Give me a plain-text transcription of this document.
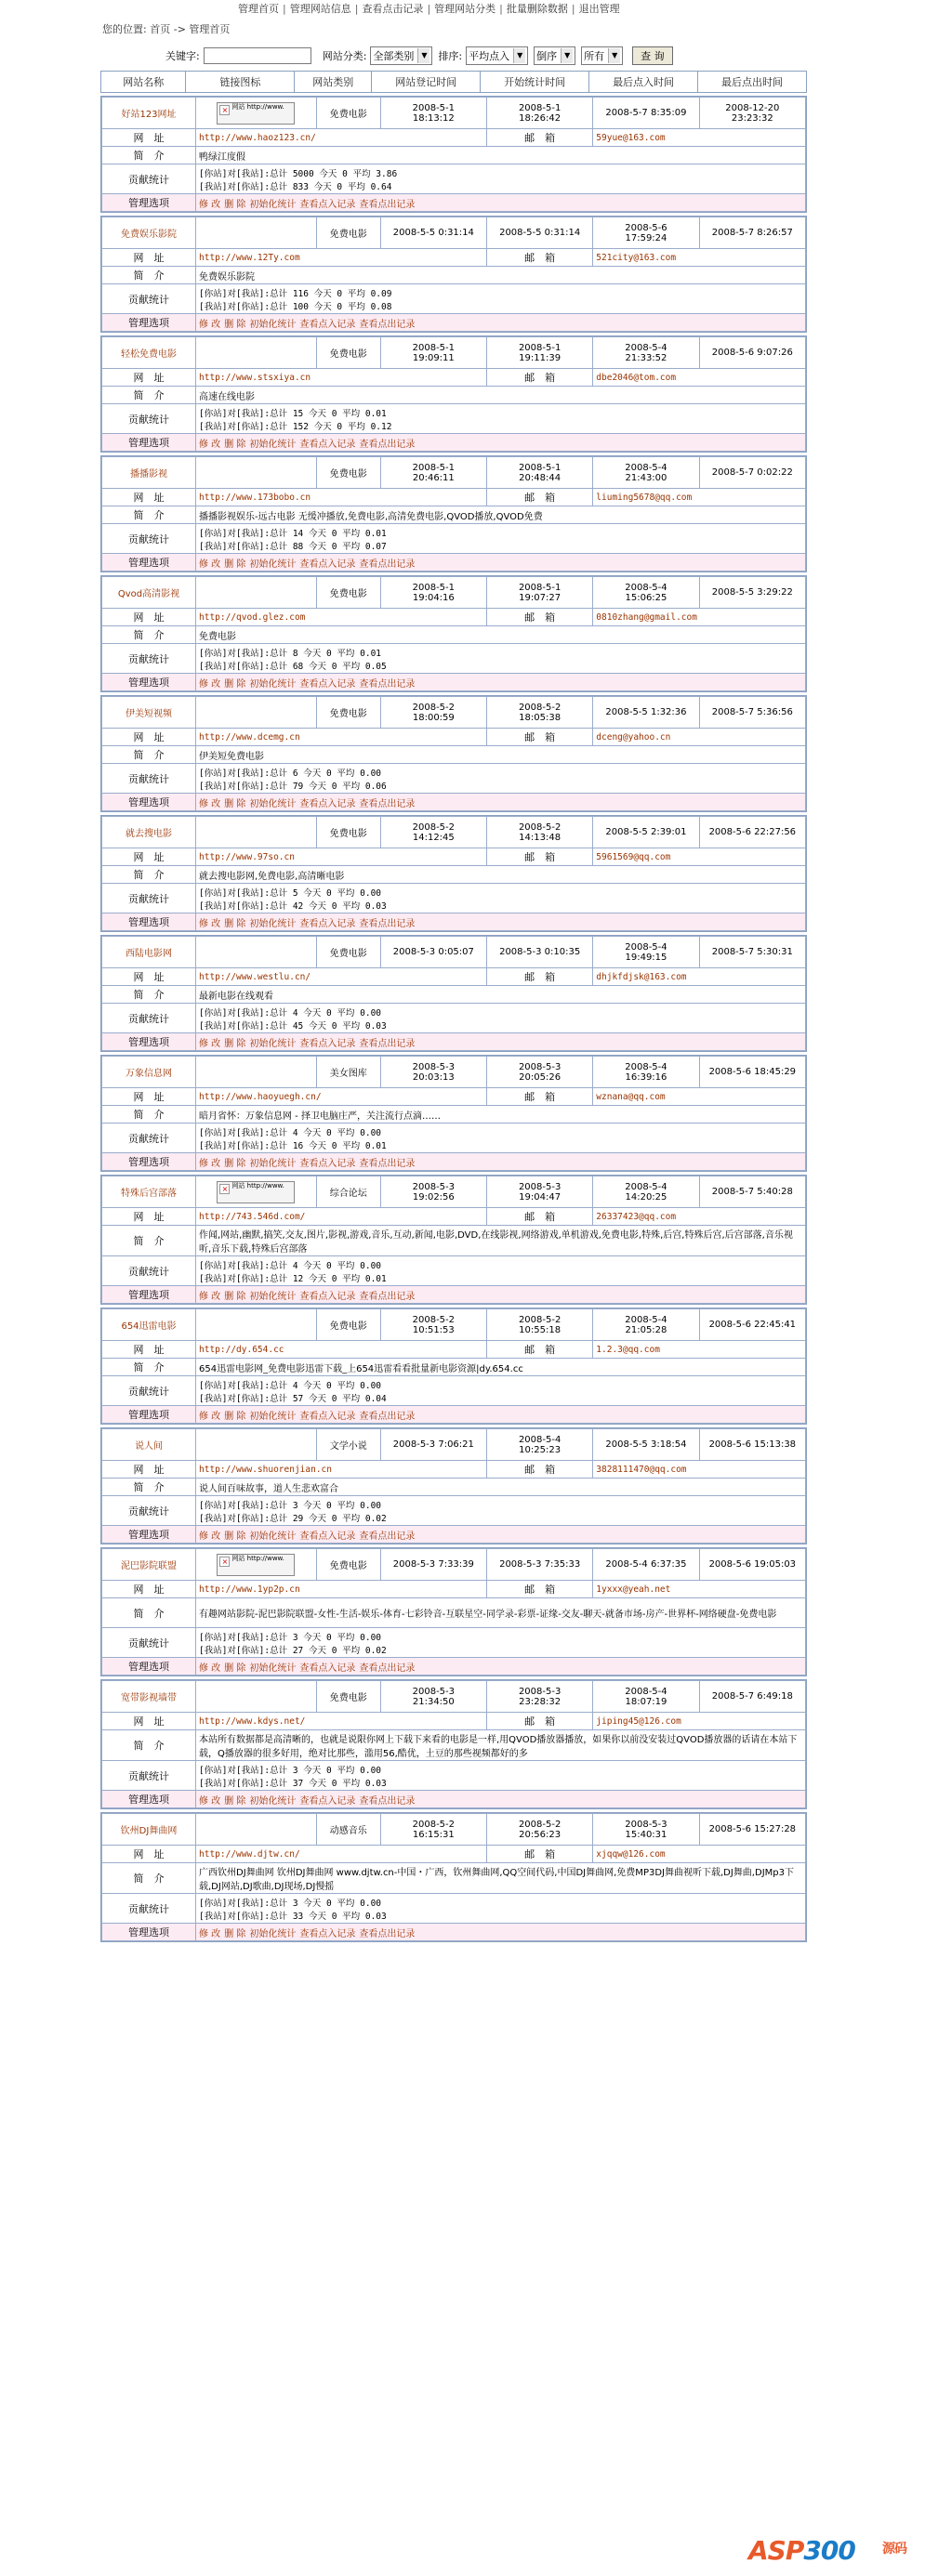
管理首页 | 管理网站信息 | 查看点击记录 | 管理网站分类 | 批量删除数据 | 退出管理
您的位置: 首页 -> 管理首页
关键字:	网站分类: 全部类别 ▼ 排序: 平均点入 ▼ 倒序 ▼ 所有 ▼	查 询
网站名称	链接图标	网站类别	网站登记时间	开始统计时间	最后点入时间	最后点出时间
好站123网址	× 网站 http://www.	免费电影	2008-5-1
18:13:12	2008-5-1
18:26:42	2008-5-7 8:35:09	2008-12-20
23:23:32
网　址	http://www.haoz123.cn/			邮　箱	59yue@163.com	
简　介	鸭绿江度假					
贡献统计	[你站]对[我站]:总计 5000 今天 0 平均 3.86
[我站]对[你站]:总计 833 今天 0 平均 0.64					

管理选项	修 改 删 除 初始化统计 查看点入记录 查看点出记录					
免费娱乐影院		免费电影	2008-5-5 0:31:14	2008-5-5 0:31:14	2008-5-6
17:59:24	2008-5-7 8:26:57
网　址	http://www.12Ty.com			邮　箱	521city@163.com	
简　介	免费娱乐影院					
贡献统计	[你站]对[我站]:总计 116 今天 0 平均 0.09
[我站]对[你站]:总计 100 今天 0 平均 0.08					

管理选项	修 改 删 除 初始化统计 查看点入记录 查看点出记录					
轻松免费电影		免费电影	2008-5-1
19:09:11	2008-5-1
19:11:39	2008-5-4
21:33:52	2008-5-6 9:07:26
网　址	http://www.stsxiya.cn			邮　箱	dbe2046@tom.com	
简　介	高速在线电影					
贡献统计	[你站]对[我站]:总计 15 今天 0 平均 0.01
[我站]对[你站]:总计 152 今天 0 平均 0.12					

管理选项	修 改 删 除 初始化统计 查看点入记录 查看点出记录					
播播影视		免费电影	2008-5-1
20:46:11	2008-5-1
20:48:44	2008-5-4
21:43:00	2008-5-7 0:02:22
网　址	http://www.173bobo.cn			邮　箱	liuming5678@qq.com	
简　介	播播影视娱乐-远古电影 无缓冲播放,免费电影,高清免费电影,QVOD播放,QVOD免费					
贡献统计	[你站]对[我站]:总计 14 今天 0 平均 0.01
[我站]对[你站]:总计 88 今天 0 平均 0.07					

管理选项	修 改 删 除 初始化统计 查看点入记录 查看点出记录					
Qvod高清影视		免费电影	2008-5-1
19:04:16	2008-5-1
19:07:27	2008-5-4
15:06:25	2008-5-5 3:29:22
网　址	http://qvod.glez.com			邮　箱	0810zhang@gmail.com	
简　介	免费电影					
贡献统计	[你站]对[我站]:总计 8 今天 0 平均 0.01
[我站]对[你站]:总计 68 今天 0 平均 0.05					

管理选项	修 改 删 除 初始化统计 查看点入记录 查看点出记录					
伊美短视频		免费电影	2008-5-2
18:00:59	2008-5-2
18:05:38	2008-5-5 1:32:36	2008-5-7 5:36:56
网　址	http://www.dcemg.cn			邮　箱	dceng@yahoo.cn	
简　介	伊美短免费电影					
贡献统计	[你站]对[我站]:总计 6 今天 0 平均 0.00
[我站]对[你站]:总计 79 今天 0 平均 0.06					

管理选项	修 改 删 除 初始化统计 查看点入记录 查看点出记录					
就去搜电影		免费电影	2008-5-2
14:12:45	2008-5-2
14:13:48	2008-5-5 2:39:01	2008-5-6 22:27:56
网　址	http://www.97so.cn			邮　箱	5961569@qq.com	
简　介	就去搜电影网,免费电影,高清晰电影					
贡献统计	[你站]对[我站]:总计 5 今天 0 平均 0.00
[我站]对[你站]:总计 42 今天 0 平均 0.03					

管理选项	修 改 删 除 初始化统计 查看点入记录 查看点出记录					
西陆电影网		免费电影	2008-5-3 0:05:07	2008-5-3 0:10:35	2008-5-4
19:49:15	2008-5-7 5:30:31
网　址	http://www.westlu.cn/			邮　箱	dhjkfdjsk@163.com	
简　介	最新电影在线观看					
贡献统计	[你站]对[我站]:总计 4 今天 0 平均 0.00
[我站]对[你站]:总计 45 今天 0 平均 0.03					

管理选项	修 改 删 除 初始化统计 查看点入记录 查看点出记录					
万象信息网		美女图库	2008-5-3
20:03:13	2008-5-3
20:05:26	2008-5-4
16:39:16	2008-5-6 18:45:29
网　址	http://www.haoyuegh.cn/			邮　箱	wznana@qq.com	
简　介	暗月省怀：万象信息网 - 择卫电脑庄严，关注流行点滴……					
贡献统计	[你站]对[我站]:总计 4 今天 0 平均 0.00
[我站]对[你站]:总计 16 今天 0 平均 0.01					

管理选项	修 改 删 除 初始化统计 查看点入记录 查看点出记录					
特殊后宫部落	× 网站 http://www.	综合论坛	2008-5-3
19:02:56	2008-5-3
19:04:47	2008-5-4
14:20:25	2008-5-7 5:40:28
网　址	http://743.546d.com/			邮　箱	26337423@qq.com	
简　介	作闻,网站,幽默,搞笑,交友,图片,影视,游戏,音乐,互动,新闻,电影,DVD,在线影视,网络游戏,单机游戏,免费电影,特殊,后宫,特殊后宫,后宫部落,音乐视听,音乐下载,特殊后宫部落					
贡献统计	[你站]对[我站]:总计 4 今天 0 平均 0.00
[我站]对[你站]:总计 12 今天 0 平均 0.01					

管理选项	修 改 删 除 初始化统计 查看点入记录 查看点出记录					
654迅雷电影		免费电影	2008-5-2
10:51:53	2008-5-2
10:55:18	2008-5-4
21:05:28	2008-5-6 22:45:41
网　址	http://dy.654.cc			邮　箱	1.2.3@qq.com	
简　介	654迅雷电影网_免费电影迅雷下载_上654迅雷看看批量新电影资源|dy.654.cc					
贡献统计	[你站]对[我站]:总计 4 今天 0 平均 0.00
[我站]对[你站]:总计 57 今天 0 平均 0.04					

管理选项	修 改 删 除 初始化统计 查看点入记录 查看点出记录					
说人间		文学小说	2008-5-3 7:06:21	2008-5-4
10:25:23	2008-5-5 3:18:54	2008-5-6 15:13:38
网　址	http://www.shuorenjian.cn			邮　箱	3828111470@qq.com	
简　介	说人间百味故事，道人生悲欢富合					
贡献统计	[你站]对[我站]:总计 3 今天 0 平均 0.00
[我站]对[你站]:总计 29 今天 0 平均 0.02					

管理选项	修 改 删 除 初始化统计 查看点入记录 查看点出记录					
泥巴影院联盟	× 网站 http://www.	免费电影	2008-5-3 7:33:39	2008-5-3 7:35:33	2008-5-4 6:37:35	2008-5-6 19:05:03
网　址	http://www.1yp2p.cn			邮　箱	1yxxx@yeah.net	
简　介	有趣网站影院-泥巴影院联盟-女性-生活-娱乐-体育-七彩铃音-互联星空-同学录-彩票-证缘-交友-聊天-就备市场-房产-世界杯-网络硬盘-免费电影					
贡献统计	[你站]对[我站]:总计 3 今天 0 平均 0.00
[我站]对[你站]:总计 27 今天 0 平均 0.02					

管理选项	修 改 删 除 初始化统计 查看点入记录 查看点出记录					
宽带影视墙带		免费电影	2008-5-3
21:34:50	2008-5-3
23:28:32	2008-5-4
18:07:19	2008-5-7 6:49:18
网　址	http://www.kdys.net/			邮　箱	jiping45@126.com	
简　介	本站所有数据都是高清晰的，也就是说限你网上下载下来看的电影是一样,用QVOD播放器播放，如果你以前没安装过QVOD播放器的话请在本站下载，Q播放器的很多好用，绝对比那些，滥用56,酷优，土豆的那些视频都好的多					
贡献统计	[你站]对[我站]:总计 3 今天 0 平均 0.00
[我站]对[你站]:总计 37 今天 0 平均 0.03					

管理选项	修 改 删 除 初始化统计 查看点入记录 查看点出记录					
钦州DJ舞曲网		动感音乐	2008-5-2
16:15:31	2008-5-2
20:56:23	2008-5-3
15:40:31	2008-5-6 15:27:28
网　址	http://www.djtw.cn/			邮　箱	xjqqw@126.com	
简　介	广西钦州DJ舞曲网 钦州DJ舞曲网 www.djtw.cn-中国・广西，钦州舞曲网,QQ空间代码,中国DJ舞曲网,免费MP3DJ舞曲视听下载,DJ舞曲,DJMp3下载,DJ网站,DJ歌曲,DJ现场,DJ慢摇					
贡献统计	[你站]对[我站]:总计 3 今天 0 平均 0.00
[我站]对[你站]:总计 33 今天 0 平均 0.03					

管理选项	修 改 删 除 初始化统计 查看点入记录 查看点出记录					
ASP300 源码
